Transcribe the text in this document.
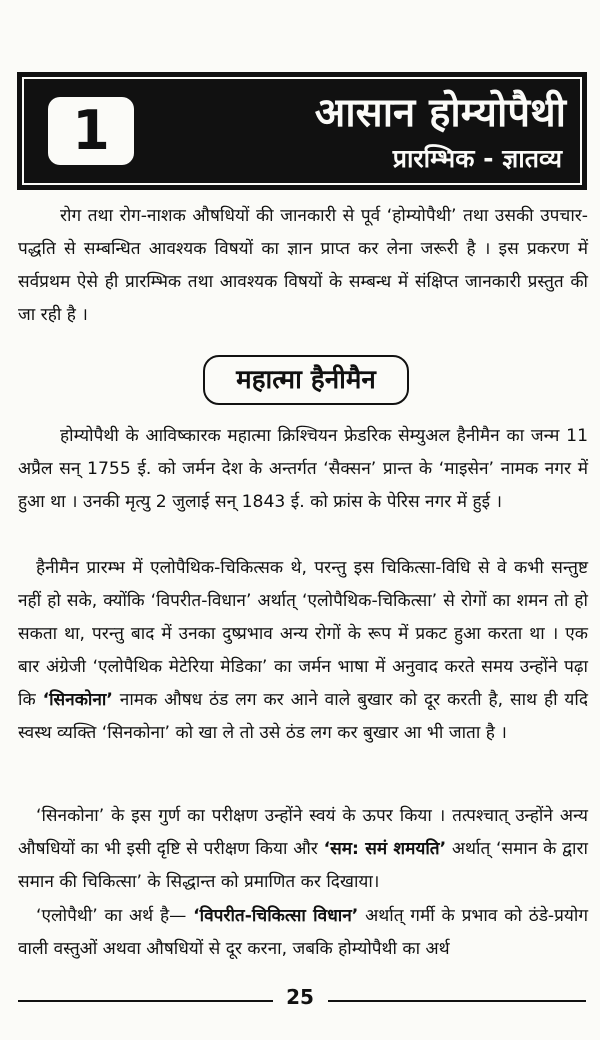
1	आसान होम्योपैथी
प्रारम्भिक - ज्ञातव्य

रोग तथा रोग-नाशक औषधियों की जानकारी से पूर्व ‘होम्योपैथी’ तथा उसकी उपचार-पद्धति से सम्बन्धित आवश्यक विषयों का ज्ञान प्राप्त कर लेना जरूरी है । इस प्रकरण में सर्वप्रथम ऐसे ही प्रारम्भिक तथा आवश्यक विषयों के सम्बन्ध में संक्षिप्त जानकारी प्रस्तुत की जा रही है ।

महात्मा हैनीमैन

होम्योपैथी के आविष्कारक महात्मा क्रिश्चियन फ्रेडरिक सेम्युअल हैनीमैन का जन्म 11 अप्रैल सन् 1755 ई. को जर्मन देश के अन्तर्गत ‘सैक्सन’ प्रान्त के ‘माइसेन’ नामक नगर में हुआ था । उनकी मृत्यु 2 जुलाई सन् 1843 ई. को फ्रांस के पेरिस नगर में हुई ।

हैनीमैन प्रारम्भ में एलोपैथिक-चिकित्सक थे, परन्तु इस चिकित्सा-विधि से वे कभी सन्तुष्ट नहीं हो सके, क्योंकि ‘विपरीत-विधान’ अर्थात् ‘एलोपैथिक-चिकित्सा’ से रोगों का शमन तो हो सकता था, परन्तु बाद में उनका दुष्प्रभाव अन्य रोगों के रूप में प्रकट हुआ करता था । एक बार अंग्रेजी ‘एलोपैथिक मेटेरिया मेडिका’ का जर्मन भाषा में अनुवाद करते समय उन्होंने पढ़ा कि ‘सिनकोना’ नामक औषध ठंड लग कर आने वाले बुखार को दूर करती है, साथ ही यदि स्वस्थ व्यक्ति ‘सिनकोना’ को खा ले तो उसे ठंड लग कर बुखार आ भी जाता है ।

‘सिनकोना’ के इस गुर्ण का परीक्षण उन्होंने स्वयं के ऊपर किया । तत्पश्चात् उन्होंने अन्य औषधियों का भी इसी दृष्टि से परीक्षण किया और ‘सम: समं शमयति’ अर्थात् ‘समान के द्वारा समान की चिकित्सा’ के सिद्धान्त को प्रमाणित कर दिखाया।

‘एलोपैथी’ का अर्थ है— ‘विपरीत-चिकित्सा विधान’ अर्थात् गर्मी के प्रभाव को ठंडे-प्रयोग वाली वस्तुओं अथवा औषधियों से दूर करना, जबकि होम्योपैथी का अर्थ

25
